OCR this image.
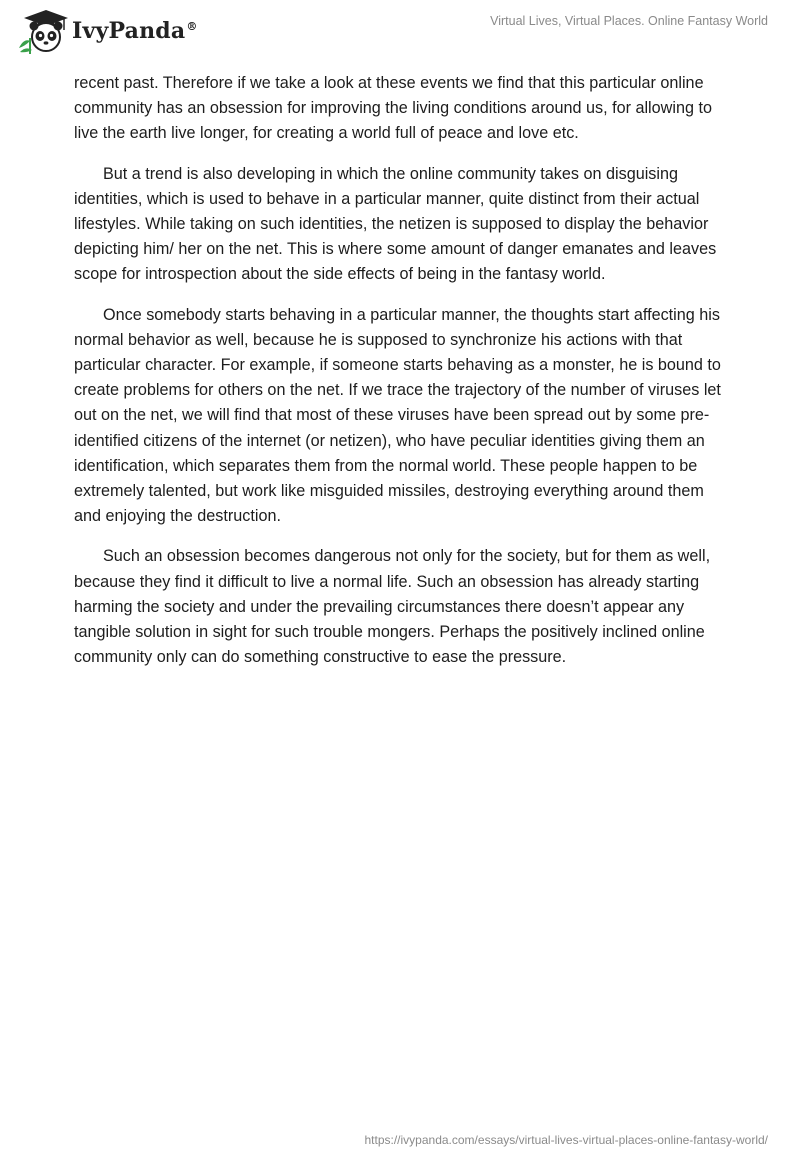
IvyPanda®	Virtual Lives, Virtual Places. Online Fantasy World

recent past. Therefore if we take a look at these events we find that this particular online community has an obsession for improving the living conditions around us, for allowing to live the earth live longer, for creating a world full of peace and love etc.

But a trend is also developing in which the online community takes on disguising identities, which is used to behave in a particular manner, quite distinct from their actual lifestyles. While taking on such identities, the netizen is supposed to display the behavior depicting him/ her on the net. This is where some amount of danger emanates and leaves scope for introspection about the side effects of being in the fantasy world.

Once somebody starts behaving in a particular manner, the thoughts start affecting his normal behavior as well, because he is supposed to synchronize his actions with that particular character. For example, if someone starts behaving as a monster, he is bound to create problems for others on the net. If we trace the trajectory of the number of viruses let out on the net, we will find that most of these viruses have been spread out by some pre-identified citizens of the internet (or netizen), who have peculiar identities giving them an identification, which separates them from the normal world. These people happen to be extremely talented, but work like misguided missiles, destroying everything around them and enjoying the destruction.

Such an obsession becomes dangerous not only for the society, but for them as well, because they find it difficult to live a normal life. Such an obsession has already starting harming the society and under the prevailing circumstances there doesn’t appear any tangible solution in sight for such trouble mongers. Perhaps the positively inclined online community only can do something constructive to ease the pressure.

https://ivypanda.com/essays/virtual-lives-virtual-places-online-fantasy-world/
